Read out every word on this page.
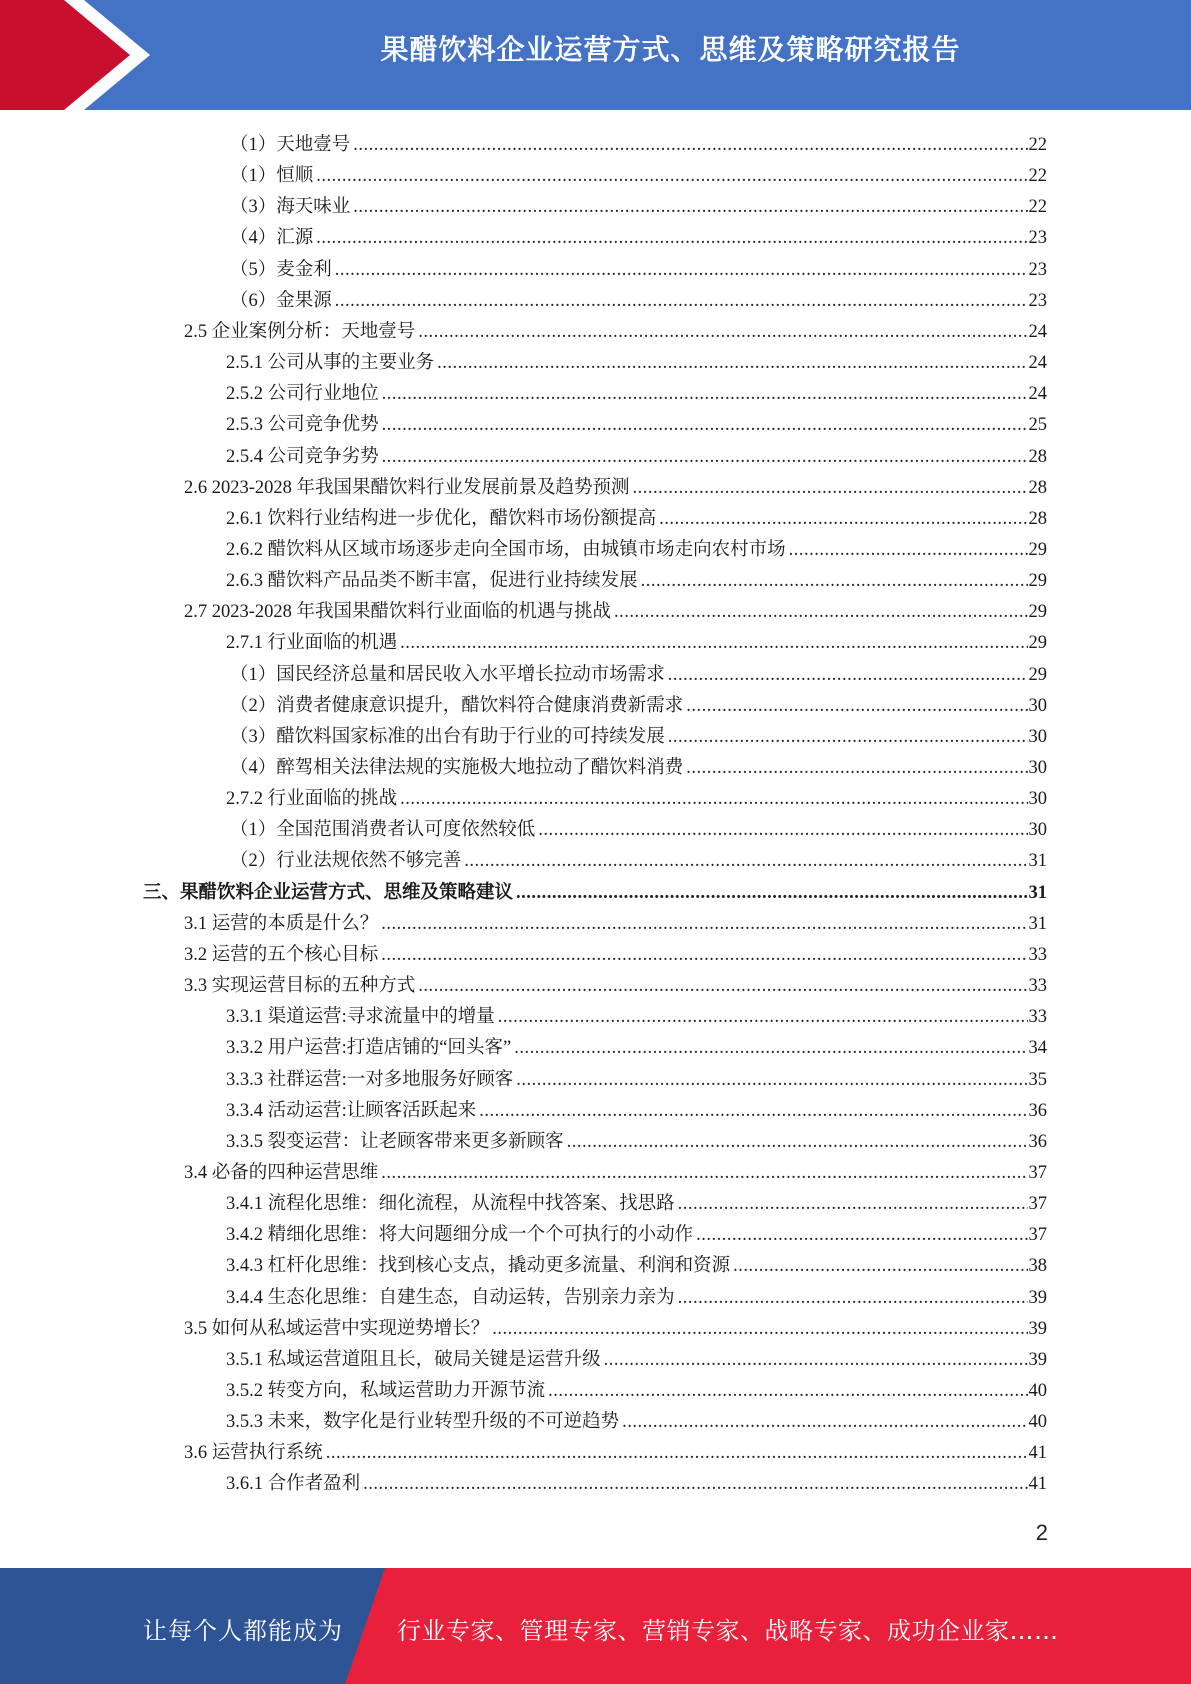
果醋饮料企业运营方式、思维及策略研究报告
（1）天地壹号 .....	22
（1）恒顺 .....	22
（3）海天味业 .....	22
（4）汇源 .....	23
（5）麦金利 .....	23
（6）金果源 .....	23
2.5 企业案例分析：天地壹号 .....	24
2.5.1 公司从事的主要业务 .....	24
2.5.2 公司行业地位 .....	24
2.5.3 公司竞争优势 .....	25
2.5.4 公司竞争劣势 .....	28
2.6 2023-2028 年我国果醋饮料行业发展前景及趋势预测 .....	28
2.6.1 饮料行业结构进一步优化，醋饮料市场份额提高 .....	28
2.6.2 醋饮料从区域市场逐步走向全国市场，由城镇市场走向农村市场 .....	29
2.6.3 醋饮料产品品类不断丰富，促进行业持续发展 .....	29
2.7 2023-2028 年我国果醋饮料行业面临的机遇与挑战 .....	29
2.7.1 行业面临的机遇 .....	29
（1）国民经济总量和居民收入水平增长拉动市场需求 .....	29
（2）消费者健康意识提升，醋饮料符合健康消费新需求 .....	30
（3）醋饮料国家标准的出台有助于行业的可持续发展 .....	30
（4）醉驾相关法律法规的实施极大地拉动了醋饮料消费 .....	30
2.7.2 行业面临的挑战 .....	30
（1）全国范围消费者认可度依然较低 .....	30
（2）行业法规依然不够完善 .....	31
三、果醋饮料企业运营方式、思维及策略建议 .....	31
3.1 运营的本质是什么？ .....	31
3.2 运营的五个核心目标 .....	33
3.3 实现运营目标的五种方式 .....	33
3.3.1 渠道运营:寻求流量中的增量 .....	33
3.3.2 用户运营:打造店铺的“回头客” .....	34
3.3.3 社群运营:一对多地服务好顾客 .....	35
3.3.4 活动运营:让顾客活跃起来 .....	36
3.3.5 裂变运营：让老顾客带来更多新顾客 .....	36
3.4 必备的四种运营思维 .....	37
3.4.1 流程化思维：细化流程，从流程中找答案、找思路 .....	37
3.4.2 精细化思维：将大问题细分成一个个可执行的小动作 .....	37
3.4.3 杠杆化思维：找到核心支点，撬动更多流量、利润和资源 .....	38
3.4.4 生态化思维：自建生态，自动运转，告别亲力亲为 .....	39
3.5 如何从私域运营中实现逆势增长？ .....	39
3.5.1 私域运营道阻且长，破局关键是运营升级 .....	39
3.5.2 转变方向，私域运营助力开源节流 .....	40
3.5.3 未来，数字化是行业转型升级的不可逆趋势 .....	40
3.6 运营执行系统 .....	41
3.6.1 合作者盈利 .....	41
2
让每个人都能成为 行业专家、管理专家、营销专家、战略专家、成功企业家……
